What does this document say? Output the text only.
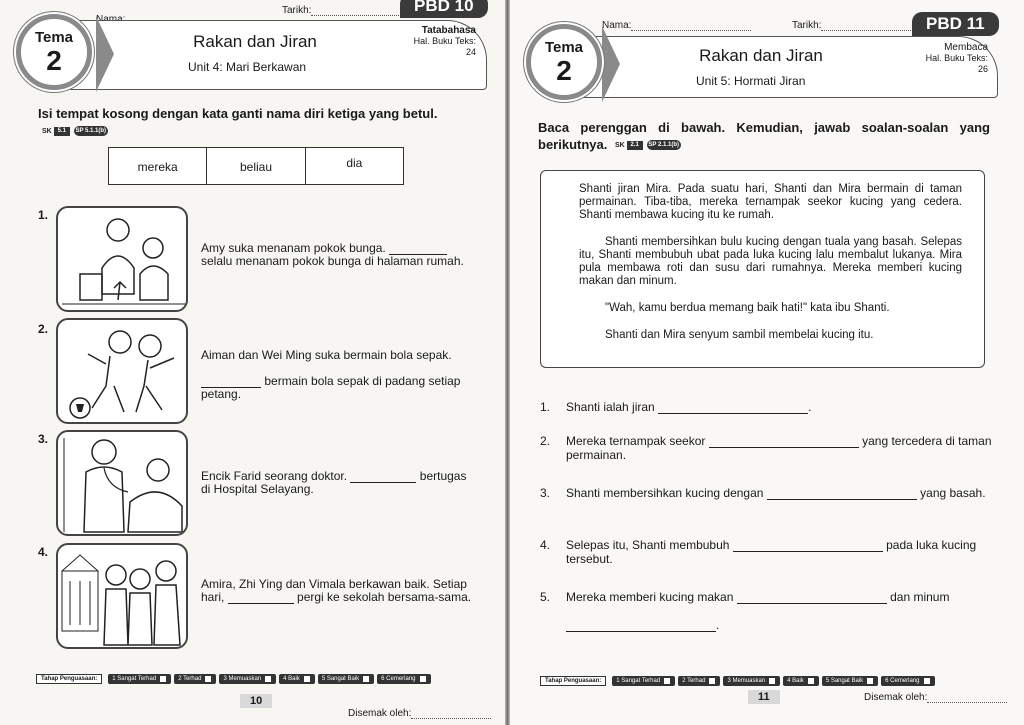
Tarikh:	PBD 10
Tema
2
Rakan dan Jiran
Unit 4: Mari Berkawan
Tatabahasa
Hal. Buku Teks:
24
Isi tempat kosong dengan kata ganti nama diri ketiga yang betul. SK 5.1 SP 5.1.1(b)
mereka	beliau	dia
1.
Amy suka menanam pokok bunga.
selalu menanam pokok bunga di halaman rumah.
2.
Aiman dan Wei Ming suka bermain bola sepak.

bermain bola sepak di padang setiap petang.
3.
Encik Farid seorang doktor.	bertugas di Hospital Selayang.
4.
Amira, Zhi Ying dan Vimala berkawan baik. Setiap hari,	pergi ke sekolah bersama-sama.
Tahap Penguasaan:	1 Sangat Terhad	2 Terhad	3 Memuaskan	4 Baik	5 Sangat Baik	6 Cemerlang
10
Disemak oleh:
Nama:	Tarikh:	PBD 11
Tema
2	Rakan dan Jiran
Unit 5: Hormati Jiran
Membaca
Hal. Buku Teks:
26
Baca perenggan di bawah. Kemudian, jawab soalan-soalan yang berikutnya. SK 2.1 SP 2.1.1(b)

Shanti jiran Mira. Pada suatu hari, Shanti dan Mira bermain di taman permainan. Tiba-tiba, mereka ternampak seekor kucing yang cedera. Shanti membawa kucing itu ke rumah.

Shanti membersihkan bulu kucing dengan tuala yang basah. Selepas itu, Shanti membubuh ubat pada luka kucing lalu membalut lukanya. Mira pula membawa roti dan susu dari rumahnya. Mereka memberi kucing makan dan minum.

"Wah, kamu berdua memang baik hati!" kata ibu Shanti.

Shanti dan Mira senyum sambil membelai kucing itu.

1. Shanti ialah jiran	.
2. Mereka ternampak seekor	yang tercedera di taman permainan.
3. Shanti membersihkan kucing dengan	yang basah.
4. Selepas itu, Shanti membubuh	pada luka kucing tersebut.
5. Mereka memberi kucing makan	dan minum

.
Tahap Penguasaan:	1 Sangat Terhad	2 Terhad	3 Memuaskan	4 Baik	5 Sangat Baik	6 Cemerlang
11	Disemak oleh:
